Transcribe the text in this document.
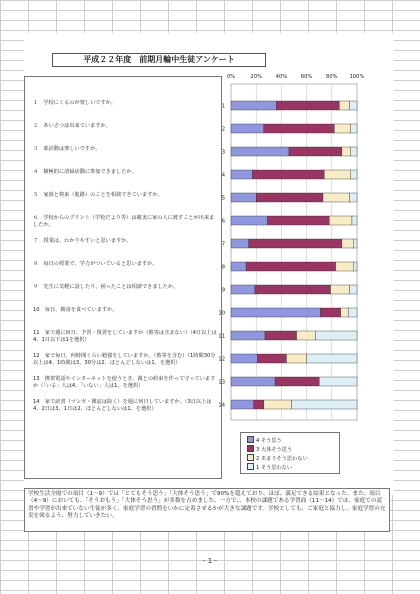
平成２２年度　前期月輪中生徒アンケート
１　学校にくるのが楽しいですか。
２　あいさつは出来ていますか。
３　部活動は楽しいですか。
４　積極的に清掃活動に参加できましたか。
５　家族と将来（進路）のことを相談できていますか。
６　学校からのプリント（学校だより等）は確実に家の人に渡すことが出来ましたか。
７　授業は、わかりやすいと思いますか。
８　毎日の授業で、学力がついていると思いますか。
９　先生に気軽に話したり、困ったことは相談できましたか。
10　毎日、朝食を食べていますか。
11　家で週に何日、予習・復習をしていますか（塾等は含まない）（4日以上は4、1日以下は1を選択）
12　家で毎日、何時間くらい勉強をしていますか。（塾等を含む）（1時間30分以上は4、1時間は3、30分は2、ほとんどしないは1、を選択）
13　携帯電話やインターネットを使うとき、親との約束を作って守っていますか（「いる」人は4、「いない」人は1、を選択）
14　家で読書（マンガ・雑誌は除く）を週に何日していますか。（3日以上は4、2日は3、1日は2、ほとんどしないは1、を選択）
0%	20%	40%	60%	80% 100%
1
2
3
4
5
6
7
8
9
10
11
12
13
14
4 そう思う
3 大体そう思う
2 あまりそう思わない
1 そう思わない
学校生活全般での項目（1〜9）では「とてもそう思う」「大体そう思う」で90%を超えており、ほぼ、満足できる結果となった。また、項目（4〜9）においても、「そうおもう」「大体そう思う」が多数を占めました。一方で、、本校の課題である学習面（11〜14）では、家庭での読書や学習が出来ていない生徒が多く、家庭学習の習慣をいかに定着させるかが大きな課題です。学校としても、ご家庭と協力し、家庭学習の充実を図るよう、努力していきたい。
- 1 -
